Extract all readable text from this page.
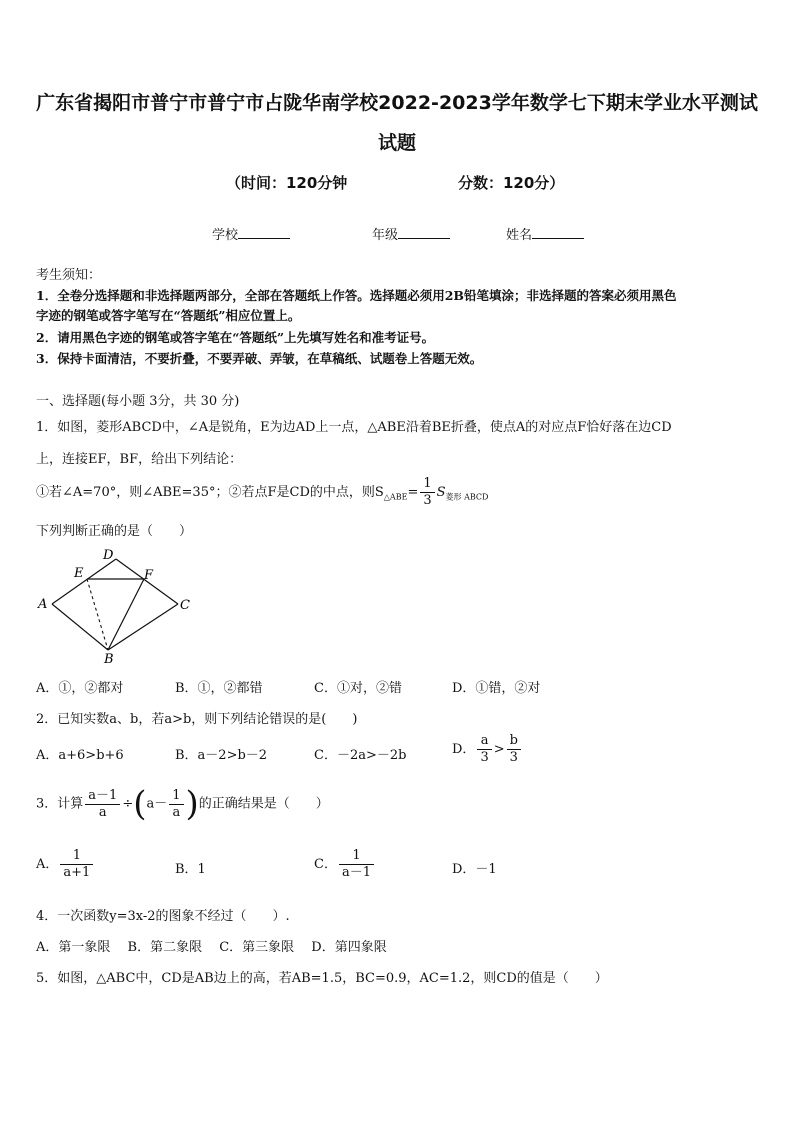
广东省揭阳市普宁市普宁市占陇华南学校2022-2023学年数学七下期末学业水平测试
试题
（时间：120分钟	分数：120分）
学校	年级	姓名
考生须知：
1．全卷分选择题和非选择题两部分，全部在答题纸上作答。选择题必须用2B铅笔填涂；非选择题的答案必须用黑色
字迹的钢笔或答字笔写在“答题纸”相应位置上。
2．请用黑色字迹的钢笔或答字笔在“答题纸”上先填写姓名和准考证号。
3．保持卡面清洁，不要折叠，不要弄破、弄皱，在草稿纸、试题卷上答题无效。
一、选择题(每小题 3分，共 30 分)
1．如图，菱形ABCD中，∠A是锐角，E为边AD上一点，△ABE沿着BE折叠，使点A的对应点F恰好落在边CD
上，连接EF，BF，给出下列结论：
①若∠A=70°，则∠ABE=35°；②若点F是CD的中点，则$S_{\triangle ABE}= \frac{1}{3} S_{菱形 ABCD}$
下列判断正确的是（　　）
A
B
C
D
E	F
A．①，②都对	B．①，②都错	C．①对，②错	D．①错，②对
2．已知实数a、b，若a>b，则下列结论错误的是(　　)
A．a+6>b+6	B．a－2>b－2	C．－2a>－2b	D． $\frac{a}{3} > \frac{b}{3}$
3．计算 $\frac{a-1}{a} \div(a- \frac{1}{a}$ )的正确结果是（　　）
A． $\frac{1}{a+1}$	B．1	C． $\frac{1}{a-1}$	D．－1
4．一次函数y=3x-2的图象不经过（　　）.
A．第一象限　 B．第二象限　 C．第三象限　 D．第四象限
5．如图，△ABC中，CD是AB边上的高，若AB=1.5，BC=0.9，AC=1.2，则CD的值是（　　）
